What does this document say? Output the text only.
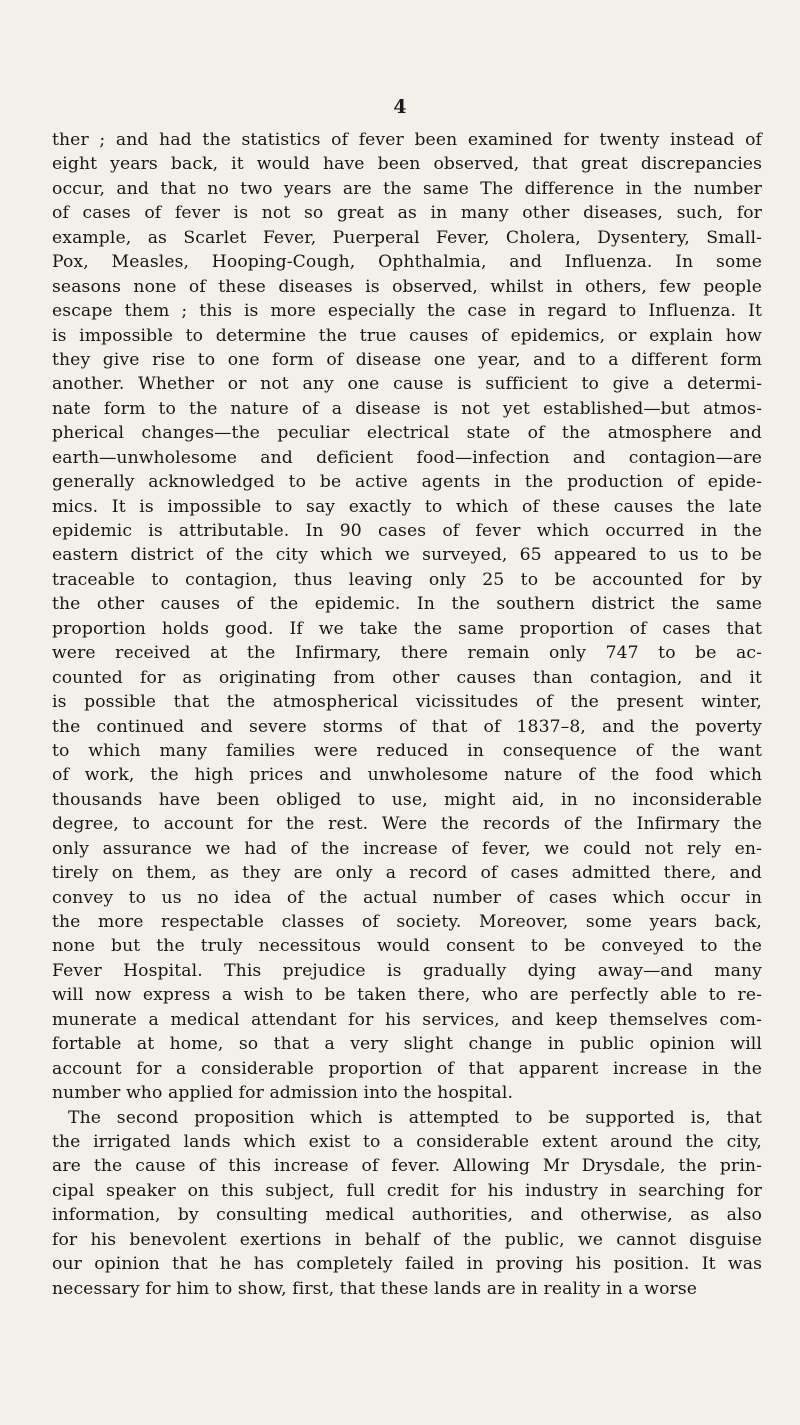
4
ther ; and had the statistics of fever been examined for twenty instead of
eight years back, it would have been observed, that great discrepancies
occur, and that no two years are the same The difference in the number
of cases of fever is not so great as in many other diseases, such, for
example, as Scarlet Fever, Puerperal Fever, Cholera, Dysentery, Small-
Pox, Measles, Hooping-Cough, Ophthalmia, and Influenza. In some
seasons none of these diseases is observed, whilst in others, few people
escape them ; this is more especially the case in regard to Influenza. It
is impossible to determine the true causes of epidemics, or explain how
they give rise to one form of disease one year, and to a different form
another. Whether or not any one cause is sufficient to give a determi-
nate form to the nature of a disease is not yet established—but atmos-
pherical changes—the peculiar electrical state of the atmosphere and
earth—unwholesome and deficient food—infection and contagion—are
generally acknowledged to be active agents in the production of epide-
mics. It is impossible to say exactly to which of these causes the late
epidemic is attributable. In 90 cases of fever which occurred in the
eastern district of the city which we surveyed, 65 appeared to us to be
traceable to contagion, thus leaving only 25 to be accounted for by
the other causes of the epidemic. In the southern district the same
proportion holds good. If we take the same proportion of cases that
were received at the Infirmary, there remain only 747 to be ac-
counted for as originating from other causes than contagion, and it
is possible that the atmospherical vicissitudes of the present winter,
the continued and severe storms of that of 1837–8, and the poverty
to which many families were reduced in consequence of the want
of work, the high prices and unwholesome nature of the food which
thousands have been obliged to use, might aid, in no inconsiderable
degree, to account for the rest. Were the records of the Infirmary the
only assurance we had of the increase of fever, we could not rely en-
tirely on them, as they are only a record of cases admitted there, and
convey to us no idea of the actual number of cases which occur in
the more respectable classes of society. Moreover, some years back,
none but the truly necessitous would consent to be conveyed to the
Fever Hospital. This prejudice is gradually dying away—and many
will now express a wish to be taken there, who are perfectly able to re-
munerate a medical attendant for his services, and keep themselves com-
fortable at home, so that a very slight change in public opinion will
account for a considerable proportion of that apparent increase in the
number who applied for admission into the hospital.
The second proposition which is attempted to be supported is, that
the irrigated lands which exist to a considerable extent around the city,
are the cause of this increase of fever. Allowing Mr Drysdale, the prin-
cipal speaker on this subject, full credit for his industry in searching for
information, by consulting medical authorities, and otherwise, as also
for his benevolent exertions in behalf of the public, we cannot disguise
our opinion that he has completely failed in proving his position. It was
necessary for him to show, first, that these lands are in reality in a worse
